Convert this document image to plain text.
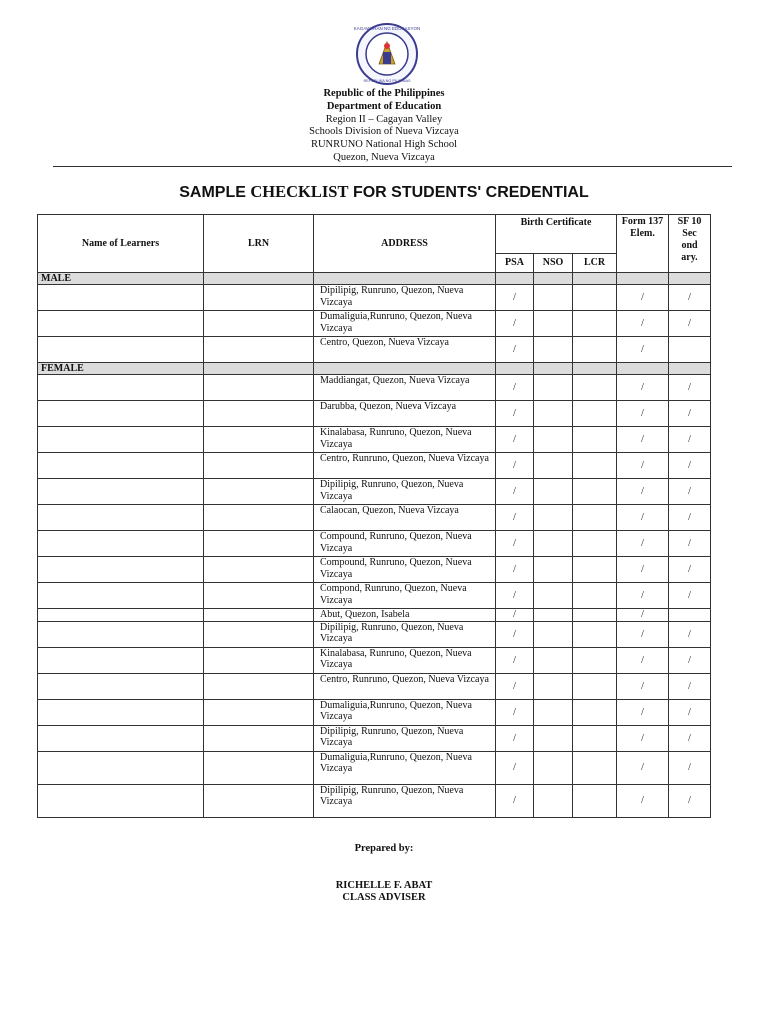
KAGAWARAN NG EDUKASYON
REPUBLIKA NG PILIPINAS
Republic of the Philippines
Department of Education
Region II – Cagayan Valley
Schools Division of Nueva Vizcaya
RUNRUNO National High School
Quezon, Nueva Vizcaya
SAMPLE CHECKLIST FOR STUDENTS' CREDENTIAL
Name of Learners	LRN	ADDRESS	Birth Certificate			Form 137 Elem.	SF 10 Sec ond ary.
			PSA	NSO	LCR		
MALE							
		Dipilipig, Runruno, Quezon, Nueva Vizcaya	/			/	/
		Dumaliguia,Runruno, Quezon, Nueva Vizcaya	/			/	/
		Centro, Quezon, Nueva Vizcaya	/			/	
FEMALE							
		Maddiangat, Quezon, Nueva Vizcaya	/			/	/
		Darubba, Quezon, Nueva Vizcaya	/			/	/
		Kinalabasa, Runruno, Quezon, Nueva Vizcaya	/			/	/
		Centro, Runruno, Quezon, Nueva Vizcaya	/			/	/
		Dipilipig, Runruno, Quezon, Nueva Vizcaya	/			/	/
		Calaocan, Quezon, Nueva Vizcaya	/			/	/
		Compound, Runruno, Quezon, Nueva Vizcaya	/			/	/
		Compound, Runruno, Quezon, Nueva Vizcaya	/			/	/
		Compond, Runruno, Quezon, Nueva Vizcaya	/			/	/
		Abut, Quezon, Isabela	/			/	
		Dipilipig, Runruno, Quezon, Nueva Vizcaya	/			/	/
		Kinalabasa, Runruno, Quezon, Nueva Vizcaya	/			/	/
		Centro, Runruno, Quezon, Nueva Vizcaya	/			/	/
		Dumaliguia,Runruno, Quezon, Nueva Vizcaya	/			/	/
		Dipilipig, Runruno, Quezon, Nueva Vizcaya	/			/	/
		Dumaliguia,Runruno, Quezon, Nueva Vizcaya	/			/	/
		Dipilipig, Runruno, Quezon, Nueva Vizcaya	/			/	/
Prepared by:
RICHELLE F. ABAT
CLASS ADVISER
